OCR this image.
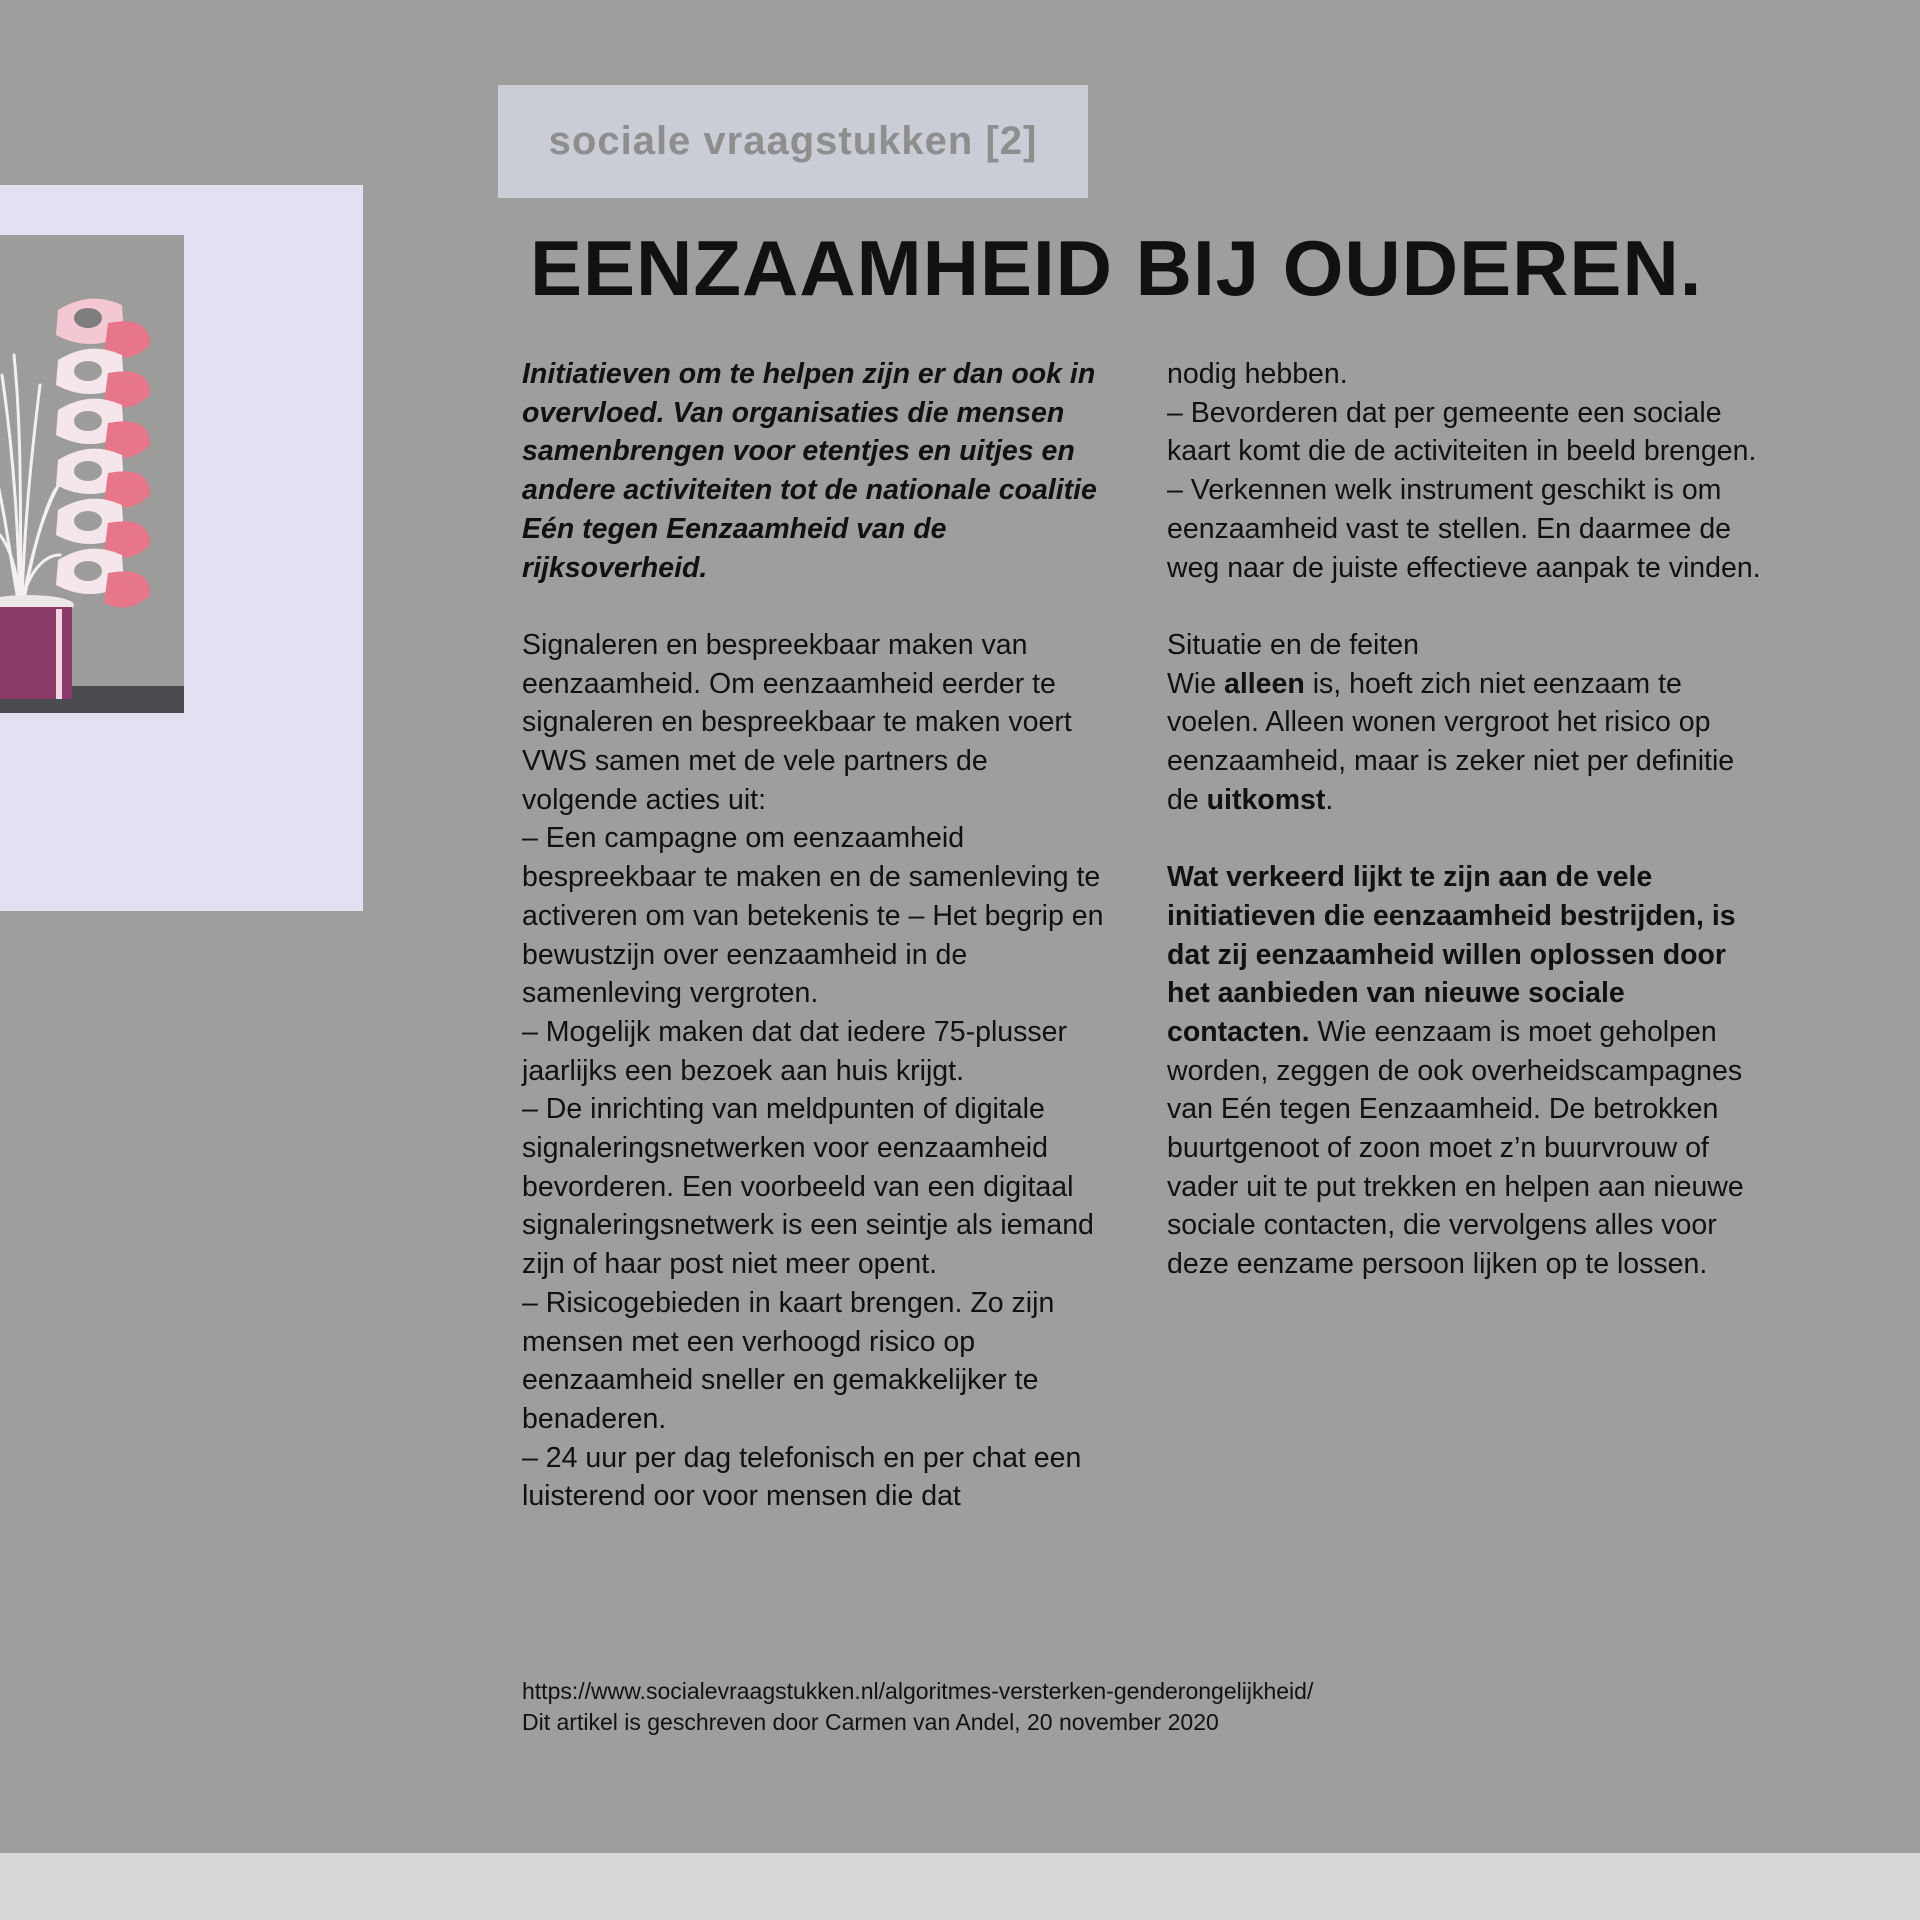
sociale vraagstukken [2]
EENZAAMHEID BIJ OUDEREN.

Initiatieven om te helpen zijn er dan ook in overvloed. Van organisaties die mensen samenbrengen voor etentjes en uitjes en andere activiteiten tot de nationale coalitie Eén tegen Eenzaamheid van de rijksoverheid.

Signaleren en bespreekbaar maken van eenzaamheid. Om eenzaamheid eerder te signaleren en bespreekbaar te maken voert VWS samen met de vele partners de volgende acties uit:

– Een campagne om eenzaamheid bespreekbaar te maken en de samenleving te activeren om van betekenis te – Het begrip en bewustzijn over eenzaamheid in de samenleving vergroten.

– Mogelijk maken dat dat iedere 75-plusser jaarlijks een bezoek aan huis krijgt.

– De inrichting van meldpunten of digitale signaleringsnetwerken voor eenzaamheid bevorderen. Een voorbeeld van een digitaal signaleringsnetwerk is een seintje als iemand zijn of haar post niet meer opent.

– Risicogebieden in kaart brengen. Zo zijn mensen met een verhoogd risico op eenzaamheid sneller en gemakkelijker te benaderen.

– 24 uur per dag telefonisch en per chat een luisterend oor voor mensen die dat

nodig hebben.

– Bevorderen dat per gemeente een sociale kaart komt die de activiteiten in beeld brengen.

– Verkennen welk instrument geschikt is om eenzaamheid vast te stellen. En daarmee de weg naar de juiste effectieve aanpak te vinden.

Situatie en de feiten

Wie alleen is, hoeft zich niet eenzaam te voelen. Alleen wonen vergroot het risico op eenzaamheid, maar is zeker niet per definitie de uitkomst.

Wat verkeerd lijkt te zijn aan de vele initiatieven die eenzaamheid bestrijden, is dat zij eenzaamheid willen oplossen door het aanbieden van nieuwe sociale contacten. Wie eenzaam is moet geholpen worden, zeggen de ook overheidscampagnes van Eén tegen Eenzaamheid. De betrokken buurtgenoot of zoon moet z’n buurvrouw of vader uit te put trekken en helpen aan nieuwe sociale contacten, die vervolgens alles voor deze eenzame persoon lijken op te lossen.

https://www.socialevraagstukken.nl/algoritmes-versterken-genderongelijkheid/

Dit artikel is geschreven door Carmen van Andel, 20 november 2020
